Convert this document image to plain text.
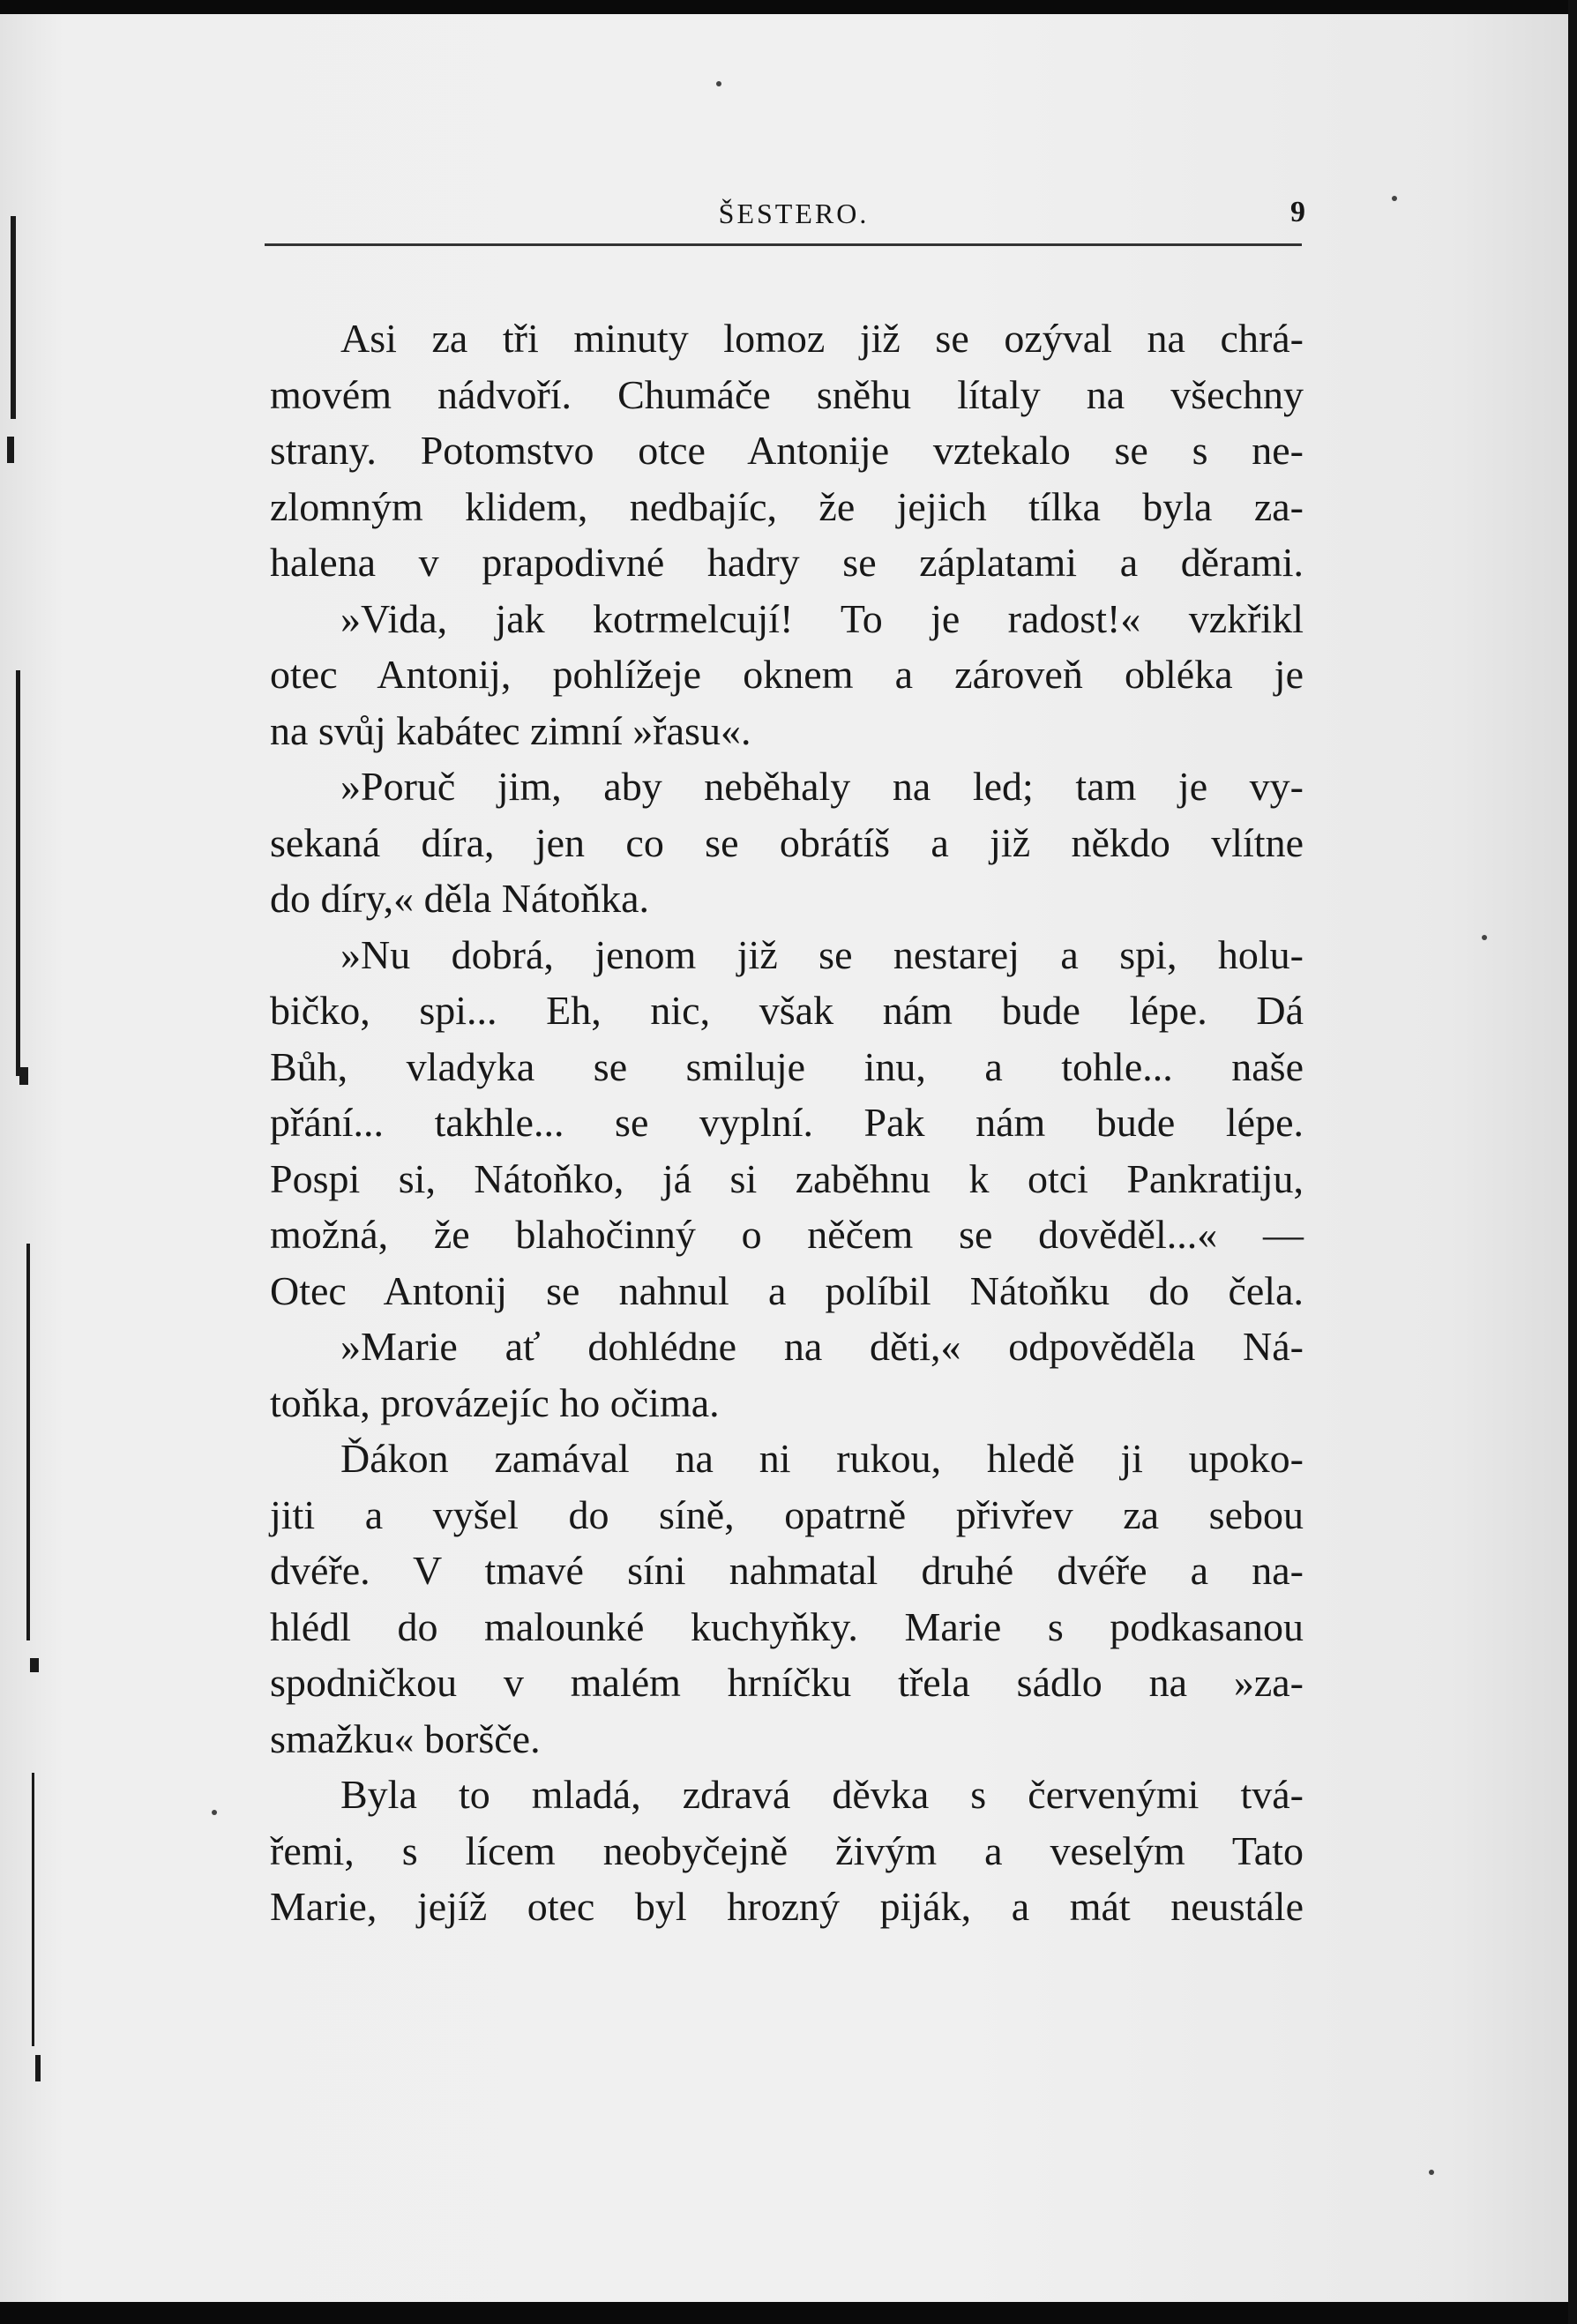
ŠESTERO.	9
Asi za tři minuty lomoz již se ozýval na chrá-
movém nádvoří. Chumáče sněhu lítaly na všechny
strany. Potomstvo otce Antonije vztekalo se s ne-
zlomným klidem, nedbajíc, že jejich tílka byla za-
halena v prapodivné hadry se záplatami a děrami.
»Vida, jak kotrmelcují! To je radost!« vzkřikl
otec Antonij, pohlížeje oknem a zároveň obléka je
na svůj kabátec zimní »řasu«.
»Poruč jim, aby neběhaly na led; tam je vy-
sekaná díra, jen co se obrátíš a již někdo vlítne
do díry,« děla Nátoňka.
»Nu dobrá, jenom již se nestarej a spi, holu-
bičko, spi... Eh, nic, však nám bude lépe. Dá
Bůh, vladyka se smiluje inu, a tohle... naše
přání... takhle... se vyplní. Pak nám bude lépe.
Pospi si, Nátoňko, já si zaběhnu k otci Pankratiju,
možná, že blahočinný o něčem se dověděl...« —
Otec Antonij se nahnul a políbil Nátoňku do čela.
»Marie ať dohlédne na děti,« odpověděla Ná-
toňka, provázejíc ho očima.
Ďákon zamával na ni rukou, hledě ji upoko-
jiti a vyšel do síně, opatrně přivřev za sebou
dvéře. V tmavé síni nahmatal druhé dvéře a na-
hlédl do malounké kuchyňky. Marie s podkasanou
spodničkou v malém hrníčku třela sádlo na »za-
smažku« boršče.
Byla to mladá, zdravá děvka s červenými tvá-
řemi, s lícem neobyčejně živým a veselým Tato
Marie, jejíž otec byl hrozný piják, a mát neustále
